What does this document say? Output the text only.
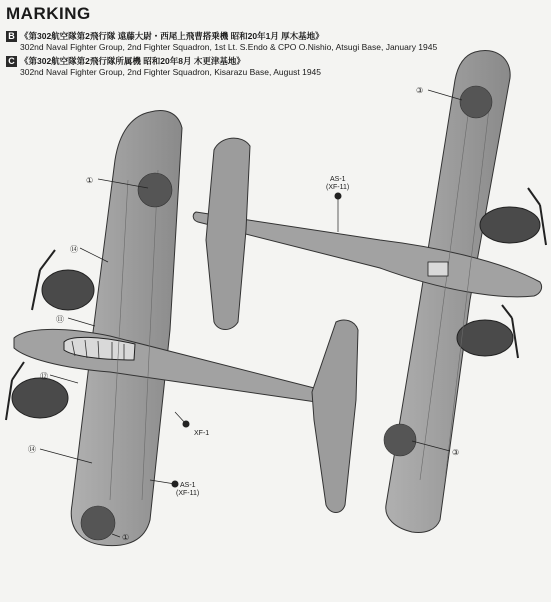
MARKING
B 《第302航空隊第2飛行隊 遠藤大尉・西尾上飛曹搭乗機 昭和20年1月 厚木基地》
302nd Naval Fighter Group, 2nd Fighter Squadron, 1st Lt. S.Endo & CPO O.Nishio, Atsugi Base, January 1945
C 《第302航空隊第2飛行隊所属機 昭和20年8月 木更津基地》
302nd Naval Fighter Group, 2nd Fighter Squadron, Kisarazu Base, August 1945
①
⑭
⑪
⑫
⑭
①
③
③
AS-1
(XF-11)
XF-1
AS-1
(XF-11)
